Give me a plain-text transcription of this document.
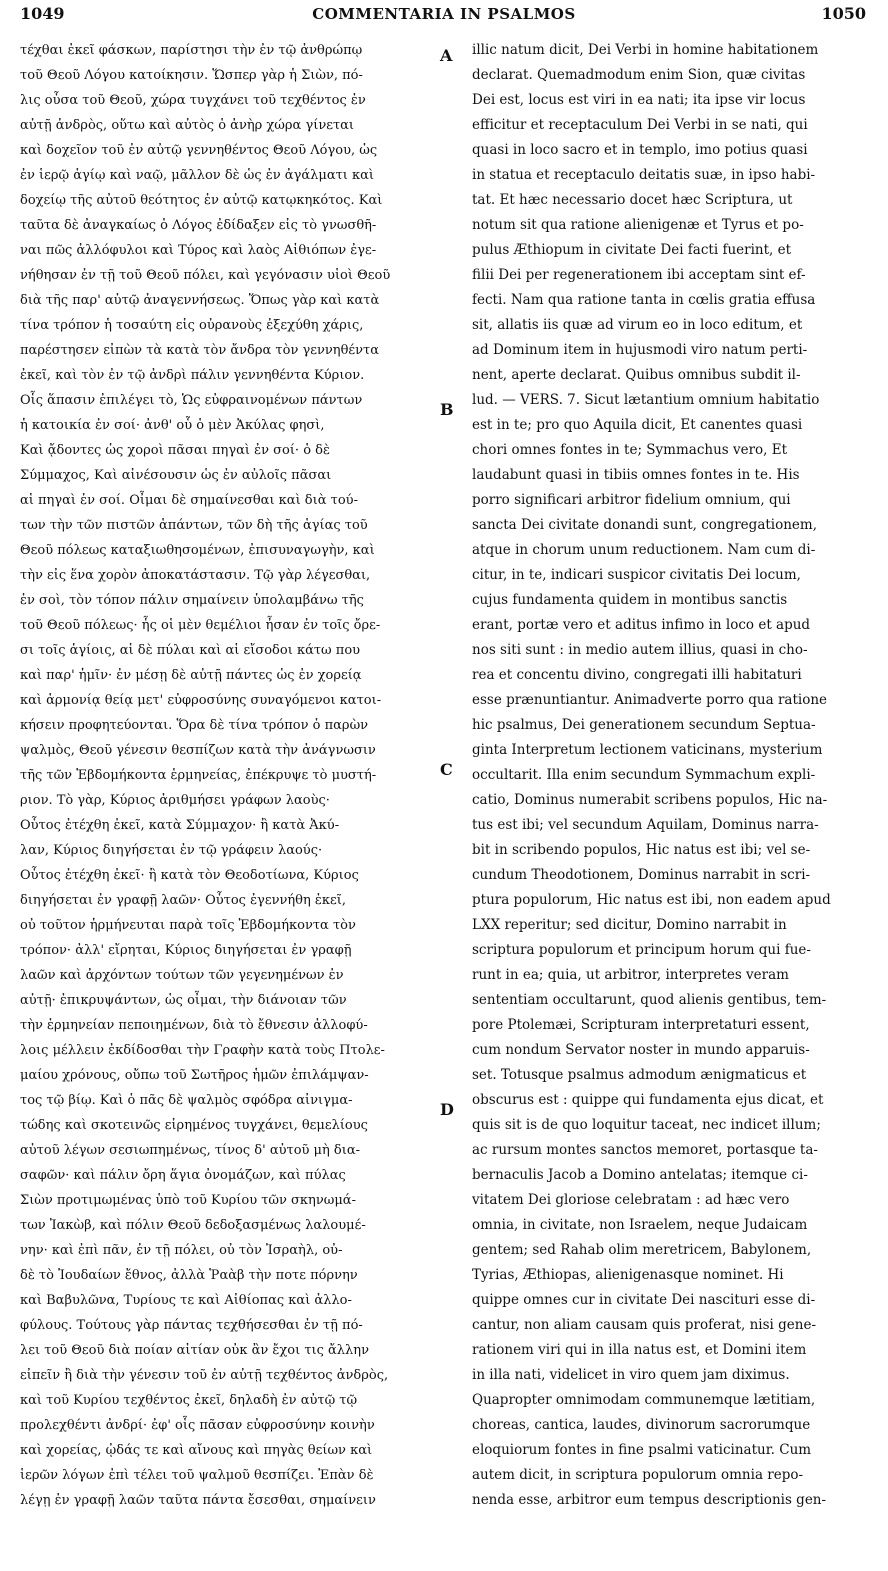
1049	COMMENTARIA IN PSALMOS	1050
τέχθαι ἐκεῖ φάσκων, παρίστησι τὴν ἐν τῷ ἀνθρώπῳ
τοῦ Θεοῦ Λόγου κατοίκησιν. Ὥσπερ γὰρ ἡ Σιὼν, πό-
λις οὖσα τοῦ Θεοῦ, χώρα τυγχάνει τοῦ τεχθέντος ἐν
αὐτῇ ἀνδρὸς, οὕτω καὶ αὐτὸς ὁ ἀνὴρ χώρα γίνεται
καὶ δοχεῖον τοῦ ἐν αὐτῷ γεννηθέντος Θεοῦ Λόγου, ὡς
ἐν ἱερῷ ἁγίῳ καὶ ναῷ, μᾶλλον δὲ ὡς ἐν ἀγάλματι καὶ
δοχείῳ τῆς αὐτοῦ θεότητος ἐν αὐτῷ κατῳκηκότος. Καὶ
ταῦτα δὲ ἀναγκαίως ὁ Λόγος ἐδίδαξεν εἰς τὸ γνωσθῆ-
ναι πῶς ἀλλόφυλοι καὶ Τύρος καὶ λαὸς Αἰθιόπων ἐγε-
νήθησαν ἐν τῇ τοῦ Θεοῦ πόλει, καὶ γεγόνασιν υἱοὶ Θεοῦ
διὰ τῆς παρ' αὐτῷ ἀναγεννήσεως. Ὅπως γὰρ καὶ κατὰ
τίνα τρόπον ἡ τοσαύτη εἰς οὐρανοὺς ἐξεχύθη χάρις,
παρέστησεν εἰπὼν τὰ κατὰ τὸν ἄνδρα τὸν γεννηθέντα
ἐκεῖ, καὶ τὸν ἐν τῷ ἀνδρὶ πάλιν γεννηθέντα Κύριον.
Οἷς ἅπασιν ἐπιλέγει τὸ, Ὡς εὐφραινομένων πάντων
ἡ κατοικία ἐν σοί· ἀνθ' οὗ ὁ μὲν Ἀκύλας φησὶ,
Καὶ ᾄδοντες ὡς χοροὶ πᾶσαι πηγαὶ ἐν σοί· ὁ δὲ
Σύμμαχος, Καὶ αἰνέσουσιν ὡς ἐν αὐλοῖς πᾶσαι
αἱ πηγαὶ ἐν σοί. Οἶμαι δὲ σημαίνεσθαι καὶ διὰ τού-
των τὴν τῶν πιστῶν ἁπάντων, τῶν δὴ τῆς ἁγίας τοῦ
Θεοῦ πόλεως καταξιωθησομένων, ἐπισυναγωγὴν, καὶ
τὴν εἰς ἕνα χορὸν ἀποκατάστασιν. Τῷ γὰρ λέγεσθαι,
ἐν σοὶ, τὸν τόπον πάλιν σημαίνειν ὑπολαμβάνω τῆς
τοῦ Θεοῦ πόλεως· ἧς οἱ μὲν θεμέλιοι ἦσαν ἐν τοῖς ὄρε-
σι τοῖς ἁγίοις, αἱ δὲ πύλαι καὶ αἱ εἴσοδοι κάτω που
καὶ παρ' ἡμῖν· ἐν μέσῃ δὲ αὐτῇ πάντες ὡς ἐν χορείᾳ
καὶ ἁρμονίᾳ θείᾳ μετ' εὐφροσύνης συναγόμενοι κατοι-
κήσειν προφητεύονται. Ὅρα δὲ τίνα τρόπον ὁ παρὼν
ψαλμὸς, Θεοῦ γένεσιν θεσπίζων κατὰ τὴν ἀνάγνωσιν
τῆς τῶν Ἑβδομήκοντα ἑρμηνείας, ἐπέκρυψε τὸ μυστή-
ριον. Τὸ γὰρ, Κύριος ἀριθμήσει γράφων λαοὺς·
Οὗτος ἐτέχθη ἐκεῖ, κατὰ Σύμμαχον· ἢ κατὰ Ἀκύ-
λαν, Κύριος διηγήσεται ἐν τῷ γράφειν λαούς·
Οὗτος ἐτέχθη ἐκεῖ· ἢ κατὰ τὸν Θεοδοτίωνα, Κύριος
διηγήσεται ἐν γραφῇ λαῶν· Οὗτος ἐγεννήθη ἐκεῖ,
οὐ τοῦτον ἡρμήνευται παρὰ τοῖς Ἑβδομήκοντα τὸν
τρόπον· ἀλλ' εἴρηται, Κύριος διηγήσεται ἐν γραφῇ
λαῶν καὶ ἀρχόντων τούτων τῶν γεγενημένων ἐν
αὐτῇ· ἐπικρυψάντων, ὡς οἶμαι, τὴν διάνοιαν τῶν
τὴν ἑρμηνείαν πεποιημένων, διὰ τὸ ἔθνεσιν ἀλλοφύ-
λοις μέλλειν ἐκδίδοσθαι τὴν Γραφὴν κατὰ τοὺς Πτολε-
μαίου χρόνους, οὔπω τοῦ Σωτῆρος ἡμῶν ἐπιλάμψαν-
τος τῷ βίῳ. Καὶ ὁ πᾶς δὲ ψαλμὸς σφόδρα αἰνιγμα-
τώδης καὶ σκοτεινῶς εἰρημένος τυγχάνει, θεμελίους
αὐτοῦ λέγων σεσιωπημένως, τίνος δ' αὐτοῦ μὴ δια-
σαφῶν· καὶ πάλιν ὄρη ἅγια ὀνομάζων, καὶ πύλας
Σιὼν προτιμωμένας ὑπὸ τοῦ Κυρίου τῶν σκηνωμά-
των Ἰακὼβ, καὶ πόλιν Θεοῦ δεδοξασμένως λαλουμέ-
νην· καὶ ἐπὶ πᾶν, ἐν τῇ πόλει, οὐ τὸν Ἰσραὴλ, οὐ-
δὲ τὸ Ἰουδαίων ἔθνος, ἀλλὰ Ῥαὰβ τὴν ποτε πόρνην
καὶ Βαβυλῶνα, Τυρίους τε καὶ Αἰθίοπας καὶ ἀλλο-
φύλους. Τούτους γὰρ πάντας τεχθήσεσθαι ἐν τῇ πό-
λει τοῦ Θεοῦ διὰ ποίαν αἰτίαν οὐκ ἂν ἔχοι τις ἄλλην
εἰπεῖν ἢ διὰ τὴν γένεσιν τοῦ ἐν αὐτῇ τεχθέντος ἀνδρὸς,
καὶ τοῦ Κυρίου τεχθέντος ἐκεῖ, δηλαδὴ ἐν αὐτῷ τῷ
προλεχθέντι ἀνδρί· ἐφ' οἷς πᾶσαν εὐφροσύνην κοινὴν
καὶ χορείας, ᾠδάς τε καὶ αἴνους καὶ πηγὰς θείων καὶ
ἱερῶν λόγων ἐπὶ τέλει τοῦ ψαλμοῦ θεσπίζει. Ἐπὰν δὲ
λέγῃ ἐν γραφῇ λαῶν ταῦτα πάντα ἔσεσθαι, σημαίνειν
illic natum dicit, Dei Verbi in homine habitationem
declarat. Quemadmodum enim Sion, quæ civitas
Dei est, locus est viri in ea nati; ita ipse vir locus
efficitur et receptaculum Dei Verbi in se nati, qui
quasi in loco sacro et in templo, imo potius quasi
in statua et receptaculo deitatis suæ, in ipso habi-
tat. Et hæc necessario docet hæc Scriptura, ut
notum sit qua ratione alienigenæ et Tyrus et po-
pulus Æthiopum in civitate Dei facti fuerint, et
filii Dei per regenerationem ibi acceptam sint ef-
fecti. Nam qua ratione tanta in cœlis gratia effusa
sit, allatis iis quæ ad virum eo in loco editum, et
ad Dominum item in hujusmodi viro natum perti-
nent, aperte declarat. Quibus omnibus subdit il-
lud. — VERS. 7. Sicut lætantium omnium habitatio
est in te; pro quo Aquila dicit, Et canentes quasi
chori omnes fontes in te; Symmachus vero, Et
laudabunt quasi in tibiis omnes fontes in te. His
porro significari arbitror fidelium omnium, qui
sancta Dei civitate donandi sunt, congregationem,
atque in chorum unum reductionem. Nam cum di-
citur, in te, indicari suspicor civitatis Dei locum,
cujus fundamenta quidem in montibus sanctis
erant, portæ vero et aditus infimo in loco et apud
nos siti sunt : in medio autem illius, quasi in cho-
rea et concentu divino, congregati illi habitaturi
esse prænuntiantur. Animadverte porro qua ratione
hic psalmus, Dei generationem secundum Septua-
ginta Interpretum lectionem vaticinans, mysterium
occultarit. Illa enim secundum Symmachum expli-
catio, Dominus numerabit scribens populos, Hic na-
tus est ibi; vel secundum Aquilam, Dominus narra-
bit in scribendo populos, Hic natus est ibi; vel se-
cundum Theodotionem, Dominus narrabit in scri-
ptura populorum, Hic natus est ibi, non eadem apud
LXX reperitur; sed dicitur, Domino narrabit in
scriptura populorum et principum horum qui fue-
runt in ea; quia, ut arbitror, interpretes veram
sententiam occultarunt, quod alienis gentibus, tem-
pore Ptolemæi, Scripturam interpretaturi essent,
cum nondum Servator noster in mundo apparuis-
set. Totusque psalmus admodum ænigmaticus et
obscurus est : quippe qui fundamenta ejus dicat, et
quis sit is de quo loquitur taceat, nec indicet illum;
ac rursum montes sanctos memoret, portasque ta-
bernaculis Jacob a Domino antelatas; itemque ci-
vitatem Dei gloriose celebratam : ad hæc vero
omnia, in civitate, non Israelem, neque Judaicam
gentem; sed Rahab olim meretricem, Babylonem,
Tyrias, Æthiopas, alienigenasque nominet. Hi
quippe omnes cur in civitate Dei nasciturі esse di-
cantur, non aliam causam quis proferat, nisi gene-
rationem viri qui in illa natus est, et Domini item
in illa nati, videlicet in viro quem jam diximus.
Quapropter omnimodam communemque lætitiam,
choreas, cantica, laudes, divinorum sacrorumque
eloquiorum fontes in fine psalmi vaticinatur. Cum
autem dicit, in scriptura populorum omnia repo-
nenda esse, arbitror eum tempus descriptionis gen-
A
B
C
D
